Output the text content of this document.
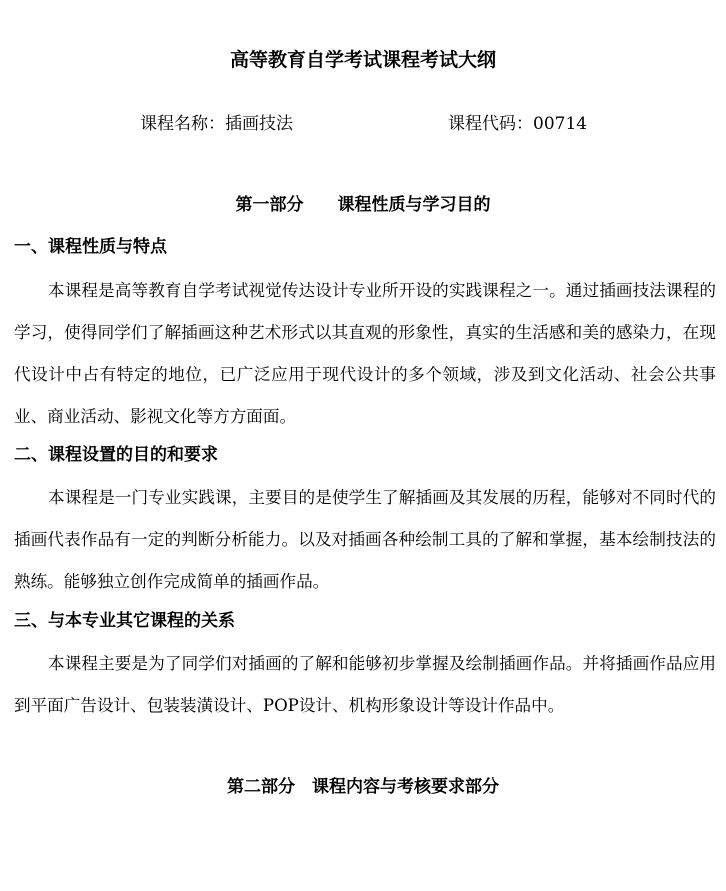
高等教育自学考试课程考试大纲
课程名称：插画技法	课程代码：00714
第一部分　　课程性质与学习目的
一、课程性质与特点
本课程是高等教育自学考试视觉传达设计专业所开设的实践课程之一。通过插画技法课程的学习，使得同学们了解插画这种艺术形式以其直观的形象性，真实的生活感和美的感染力，在现代设计中占有特定的地位，已广泛应用于现代设计的多个领域，涉及到文化活动、社会公共事业、商业活动、影视文化等方方面面。
二、课程设置的目的和要求
本课程是一门专业实践课，主要目的是使学生了解插画及其发展的历程，能够对不同时代的插画代表作品有一定的判断分析能力。以及对插画各种绘制工具的了解和掌握，基本绘制技法的熟练。能够独立创作完成简单的插画作品。
三、与本专业其它课程的关系
本课程主要是为了同学们对插画的了解和能够初步掌握及绘制插画作品。并将插画作品应用到平面广告设计、包装装潢设计、POP设计、机构形象设计等设计作品中。
第二部分　课程内容与考核要求部分
